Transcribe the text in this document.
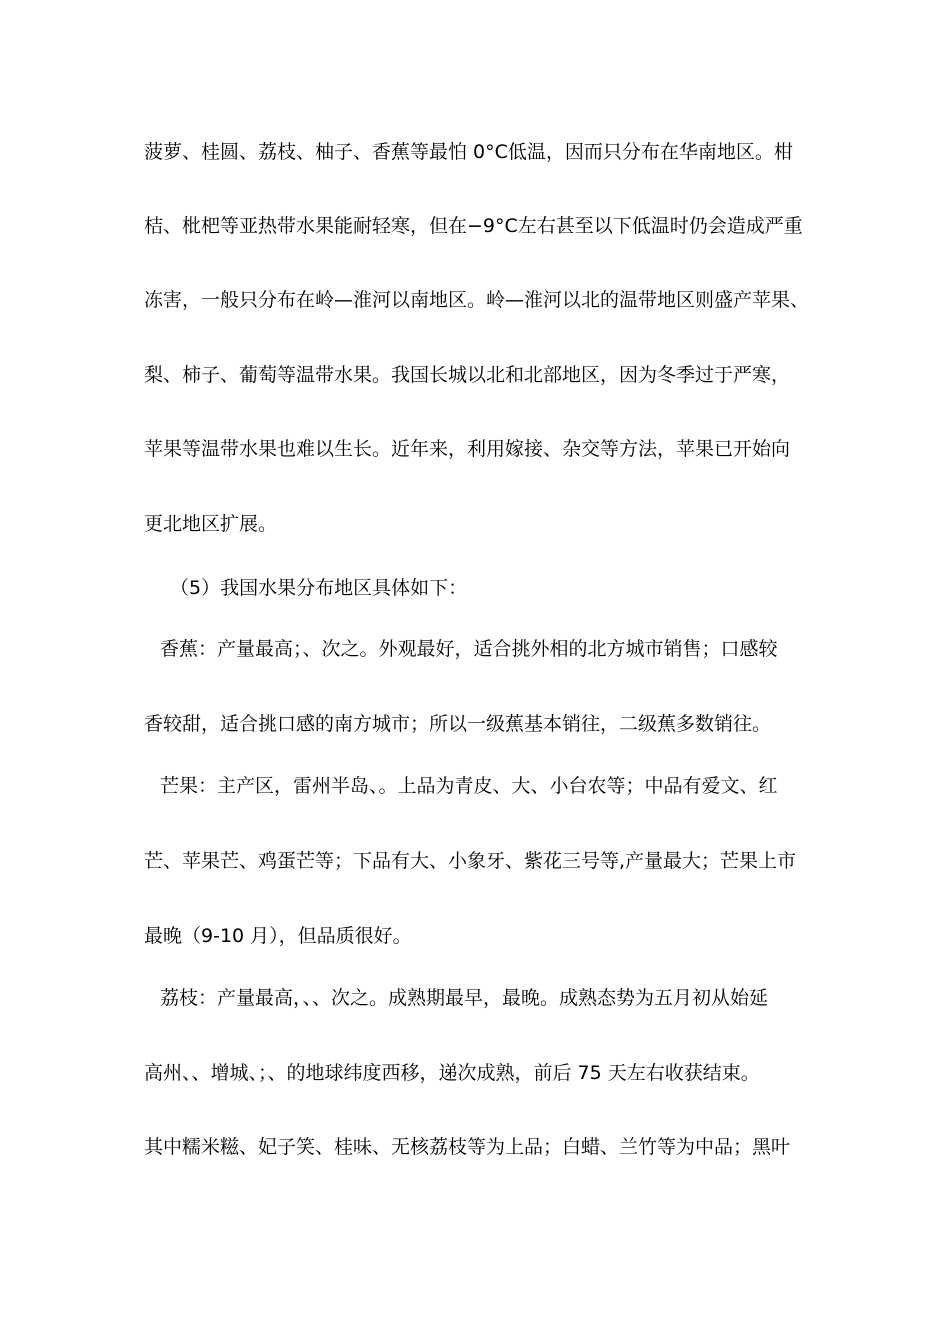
菠萝、桂圆、荔枝、柚子、香蕉等最怕 0°C低温，因而只分布在华南地区。柑
桔、枇杷等亚热带水果能耐轻寒，但在−9°C左右甚至以下低温时仍会造成严重
冻害，一般只分布在岭—淮河以南地区。岭—淮河以北的温带地区则盛产苹果、
梨、柿子、葡萄等温带水果。我国长城以北和北部地区，因为冬季过于严寒，
苹果等温带水果也难以生长。近年来，利用嫁接、杂交等方法，苹果已开始向
更北地区扩展。
（5）我国水果分布地区具体如下：
香蕉：产量最高；、次之。外观最好，适合挑外相的北方城市销售；口感较
香较甜，适合挑口感的南方城市；所以一级蕉基本销往，二级蕉多数销往。
芒果：主产区，雷州半岛、。上品为青皮、大、小台农等；中品有爱文、红
芒、苹果芒、鸡蛋芒等；下品有大、小象牙、紫花三号等,产量最大；芒果上市
最晚（9-10 月），但品质很好。
荔枝：产量最高，、、次之。成熟期最早，最晚。成熟态势为五月初从始延
高州、、增城、；、的地球纬度西移，递次成熟，前后 75 天左右收获结束。
其中糯米糍、妃子笑、桂味、无核荔枝等为上品；白蜡、兰竹等为中品；黑叶
